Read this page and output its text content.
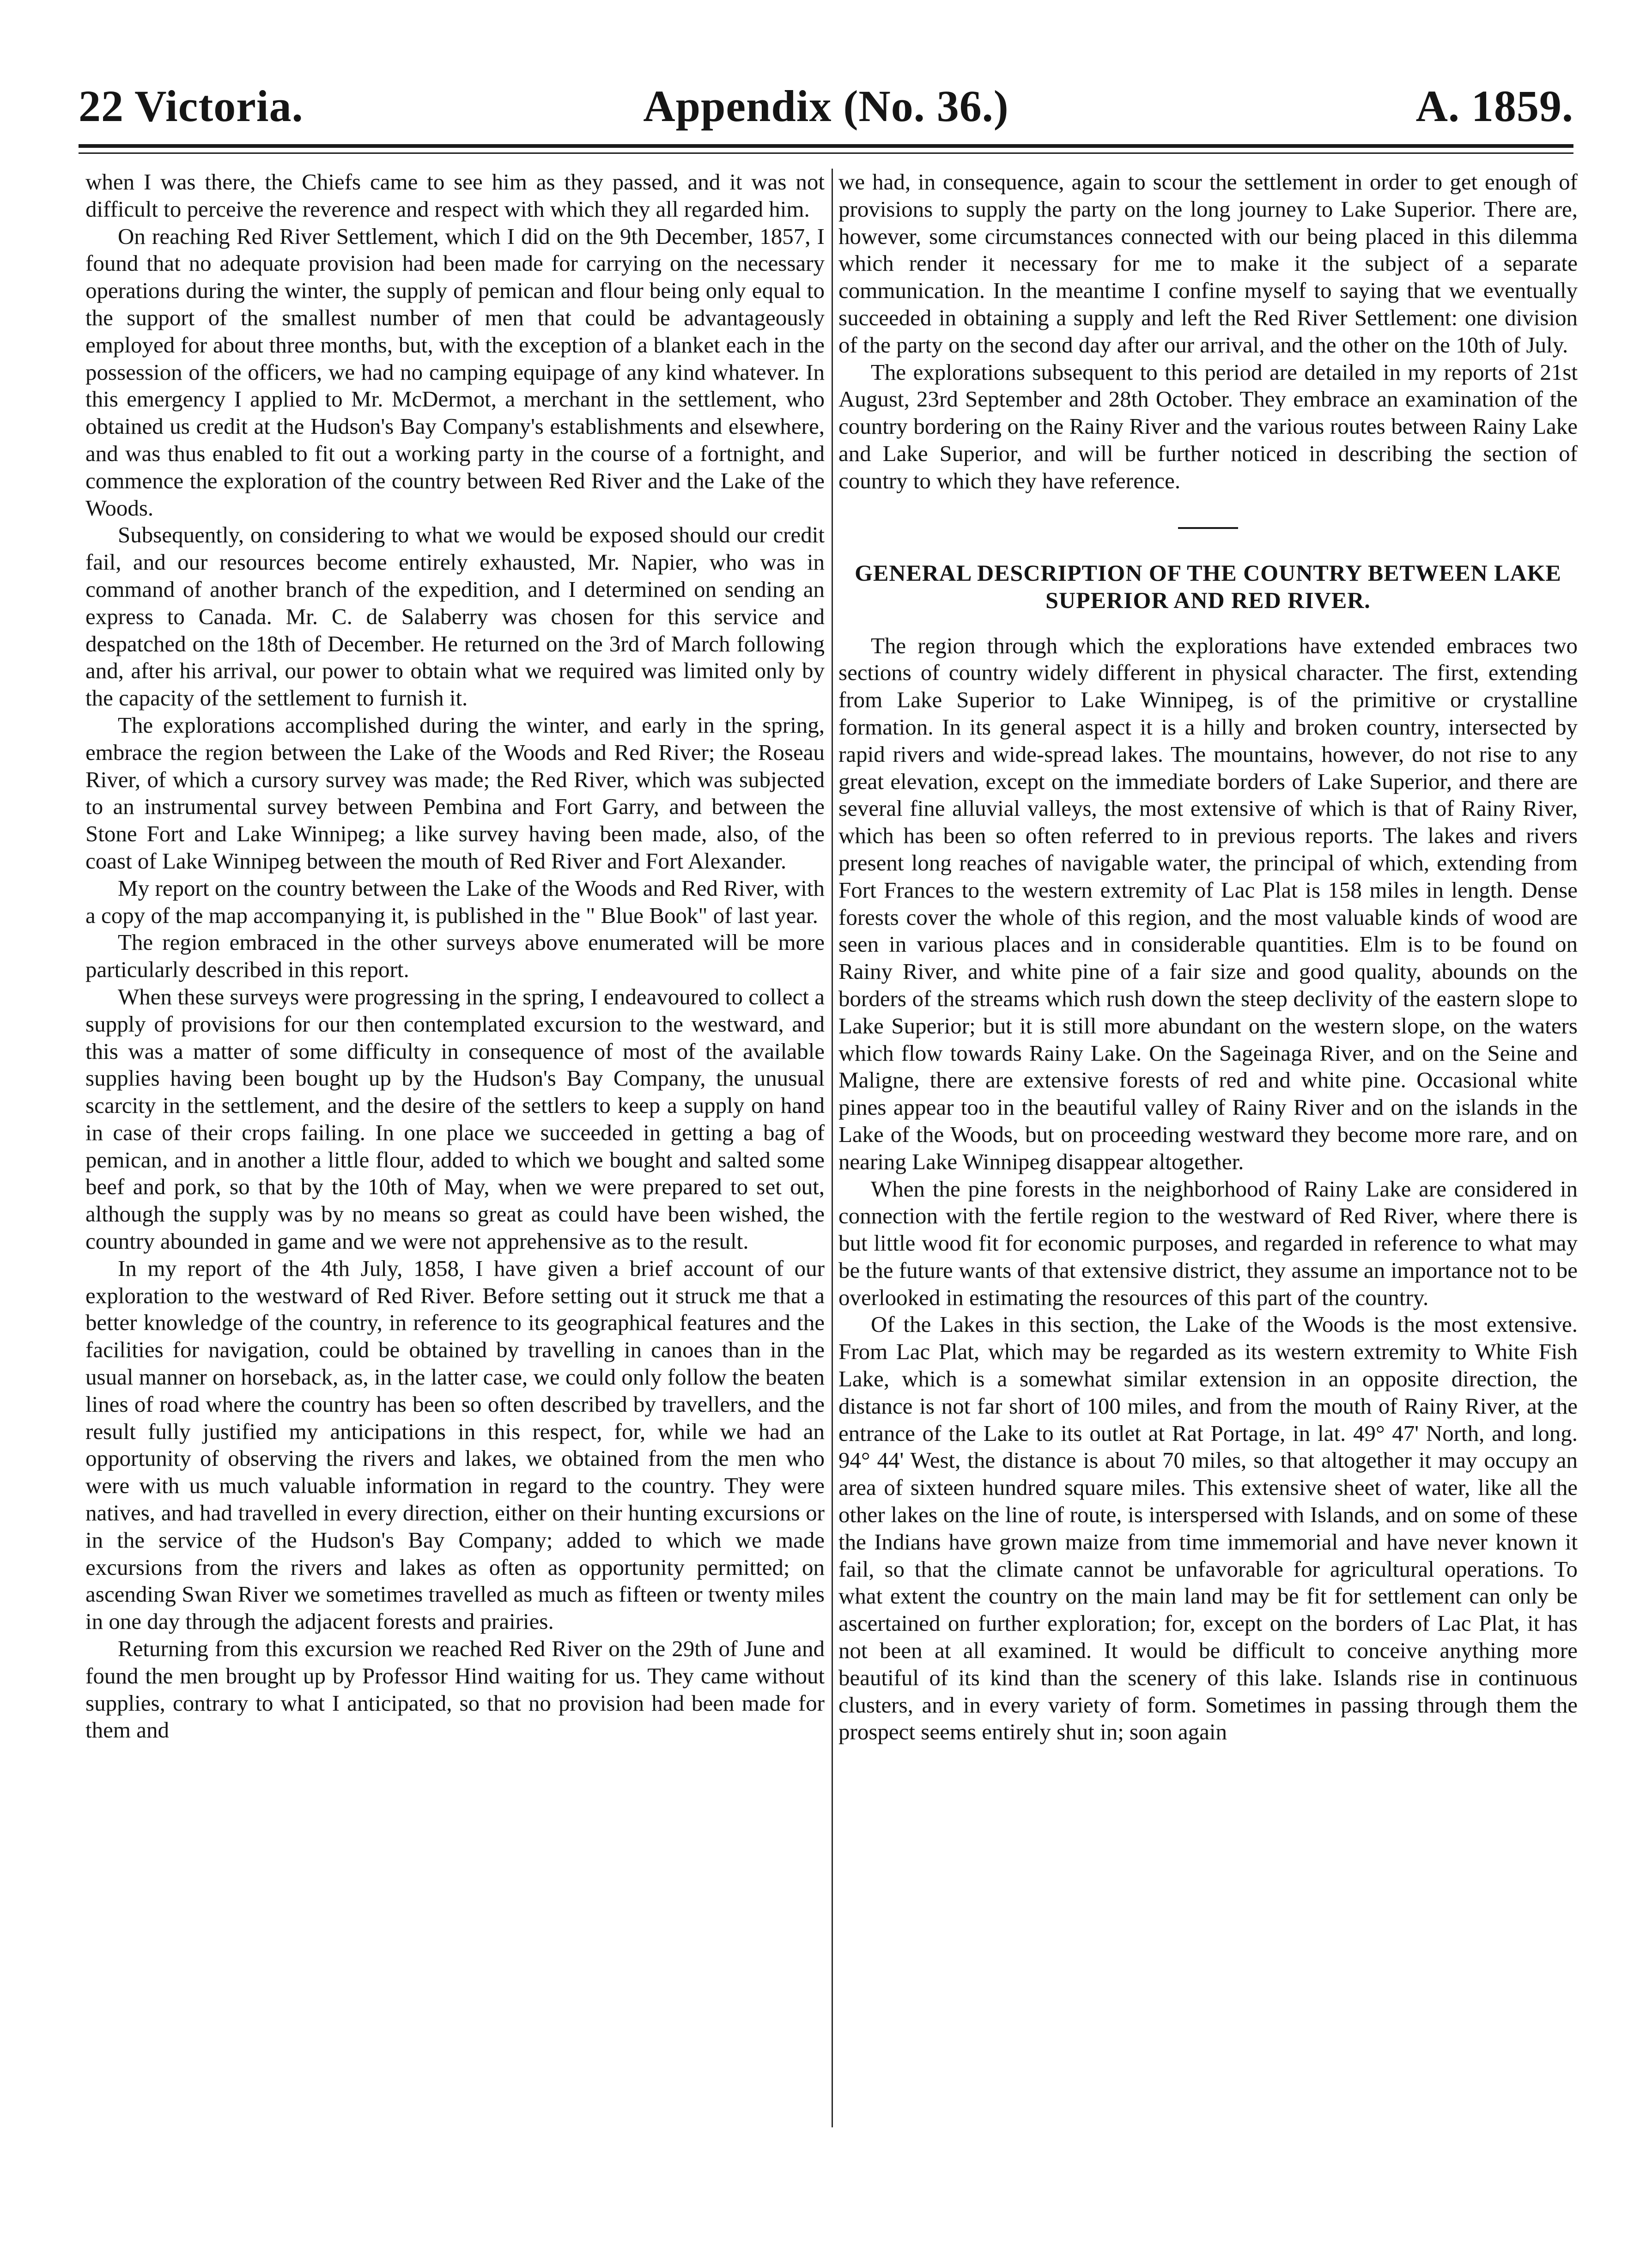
Appendix (No. 36.)
22 Victoria.	A. 1859.

when I was there, the Chiefs came to see him as they passed, and it was not difficult to perceive the reverence and respect with which they all regarded him.

On reaching Red River Settlement, which I did on the 9th December, 1857, I found that no adequate provision had been made for carrying on the necessary operations during the winter, the supply of pemican and flour being only equal to the support of the smallest number of men that could be advantageously employed for about three months, but, with the exception of a blanket each in the possession of the officers, we had no camping equipage of any kind whatever. In this emergency I applied to Mr. McDermot, a merchant in the settlement, who obtained us credit at the Hudson's Bay Company's establishments and elsewhere, and was thus enabled to fit out a working party in the course of a fortnight, and commence the exploration of the country between Red River and the Lake of the Woods.

Subsequently, on considering to what we would be exposed should our credit fail, and our resources become entirely exhausted, Mr. Napier, who was in command of another branch of the expedition, and I determined on sending an express to Canada. Mr. C. de Salaberry was chosen for this service and despatched on the 18th of December. He returned on the 3rd of March following and, after his arrival, our power to obtain what we required was limited only by the capacity of the settlement to furnish it.

The explorations accomplished during the winter, and early in the spring, embrace the region between the Lake of the Woods and Red River; the Roseau River, of which a cursory survey was made; the Red River, which was subjected to an instrumental survey between Pembina and Fort Garry, and between the Stone Fort and Lake Winnipeg; a like survey having been made, also, of the coast of Lake Winnipeg between the mouth of Red River and Fort Alexander.

My report on the country between the Lake of the Woods and Red River, with a copy of the map accompanying it, is published in the " Blue Book" of last year.

The region embraced in the other surveys above enumerated will be more particularly described in this report.

When these surveys were progressing in the spring, I endeavoured to collect a supply of provisions for our then contemplated excursion to the westward, and this was a matter of some difficulty in consequence of most of the available supplies having been bought up by the Hudson's Bay Company, the unusual scarcity in the settlement, and the desire of the settlers to keep a supply on hand in case of their crops failing. In one place we succeeded in getting a bag of pemican, and in another a little flour, added to which we bought and salted some beef and pork, so that by the 10th of May, when we were prepared to set out, although the supply was by no means so great as could have been wished, the country abounded in game and we were not apprehensive as to the result.

In my report of the 4th July, 1858, I have given a brief account of our exploration to the westward of Red River. Before setting out it struck me that a better knowledge of the country, in reference to its geographical features and the facilities for navigation, could be obtained by travelling in canoes than in the usual manner on horseback, as, in the latter case, we could only follow the beaten lines of road where the country has been so often described by travellers, and the result fully justified my anticipations in this respect, for, while we had an opportunity of observing the rivers and lakes, we obtained from the men who were with us much valuable information in regard to the country. They were natives, and had travelled in every direction, either on their hunting excursions or in the service of the Hudson's Bay Company; added to which we made excursions from the rivers and lakes as often as opportunity permitted; on ascending Swan River we sometimes travelled as much as fifteen or twenty miles in one day through the adjacent forests and prairies.

Returning from this excursion we reached Red River on the 29th of June and found the men brought up by Professor Hind waiting for us. They came without supplies, contrary to what I anticipated, so that no provision had been made for them and

we had, in consequence, again to scour the settlement in order to get enough of provisions to supply the party on the long journey to Lake Superior. There are, however, some circumstances connected with our being placed in this dilemma which render it necessary for me to make it the subject of a separate communication. In the meantime I confine myself to saying that we eventually succeeded in obtaining a supply and left the Red River Settlement: one division of the party on the second day after our arrival, and the other on the 10th of July.

The explorations subsequent to this period are detailed in my reports of 21st August, 23rd September and 28th October. They embrace an examination of the country bordering on the Rainy River and the various routes between Rainy Lake and Lake Superior, and will be further noticed in describing the section of country to which they have reference.

GENERAL DESCRIPTION OF THE COUNTRY BETWEEN LAKE SUPERIOR AND RED RIVER.

The region through which the explorations have extended embraces two sections of country widely different in physical character. The first, extending from Lake Superior to Lake Winnipeg, is of the primitive or crystalline formation. In its general aspect it is a hilly and broken country, intersected by rapid rivers and wide-spread lakes. The mountains, however, do not rise to any great elevation, except on the immediate borders of Lake Superior, and there are several fine alluvial valleys, the most extensive of which is that of Rainy River, which has been so often referred to in previous reports. The lakes and rivers present long reaches of navigable water, the principal of which, extending from Fort Frances to the western extremity of Lac Plat is 158 miles in length. Dense forests cover the whole of this region, and the most valuable kinds of wood are seen in various places and in considerable quantities. Elm is to be found on Rainy River, and white pine of a fair size and good quality, abounds on the borders of the streams which rush down the steep declivity of the eastern slope to Lake Superior; but it is still more abundant on the western slope, on the waters which flow towards Rainy Lake. On the Sageinaga River, and on the Seine and Maligne, there are extensive forests of red and white pine. Occasional white pines appear too in the beautiful valley of Rainy River and on the islands in the Lake of the Woods, but on proceeding westward they become more rare, and on nearing Lake Winnipeg disappear altogether.

When the pine forests in the neighborhood of Rainy Lake are considered in connection with the fertile region to the westward of Red River, where there is but little wood fit for economic purposes, and regarded in reference to what may be the future wants of that extensive district, they assume an importance not to be overlooked in estimating the resources of this part of the country.

Of the Lakes in this section, the Lake of the Woods is the most extensive. From Lac Plat, which may be regarded as its western extremity to White Fish Lake, which is a somewhat similar extension in an opposite direction, the distance is not far short of 100 miles, and from the mouth of Rainy River, at the entrance of the Lake to its outlet at Rat Portage, in lat. 49° 47' North, and long. 94° 44' West, the distance is about 70 miles, so that altogether it may occupy an area of sixteen hundred square miles. This extensive sheet of water, like all the other lakes on the line of route, is interspersed with Islands, and on some of these the Indians have grown maize from time immemorial and have never known it fail, so that the climate cannot be unfavorable for agricultural operations. To what extent the country on the main land may be fit for settlement can only be ascertained on further exploration; for, except on the borders of Lac Plat, it has not been at all examined. It would be difficult to conceive anything more beautiful of its kind than the scenery of this lake. Islands rise in continuous clusters, and in every variety of form. Sometimes in passing through them the prospect seems entirely shut in; soon again
